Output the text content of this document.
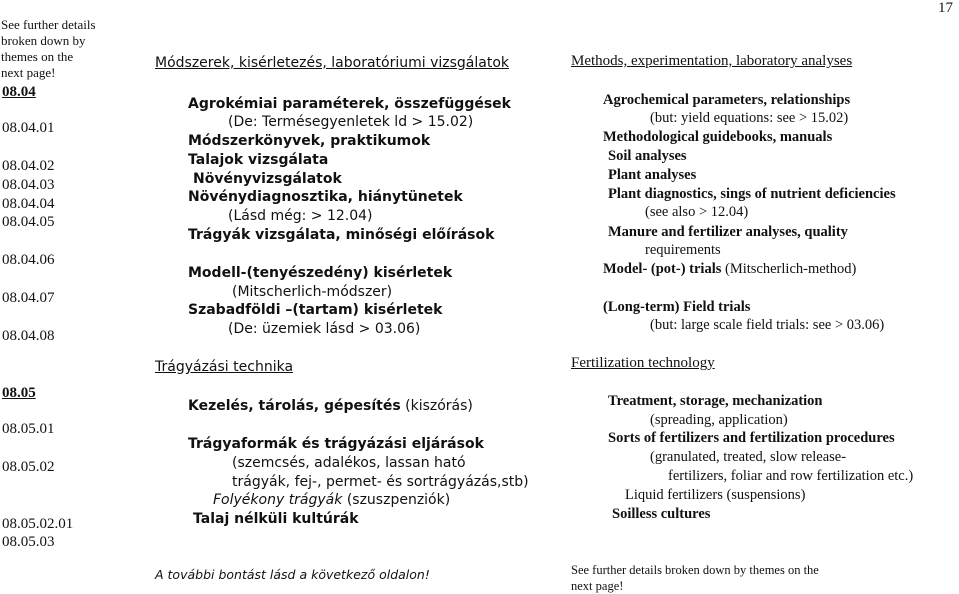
17
See further details
broken down by
themes on the
next page!
08.04
08.04.01
08.04.02
08.04.03
08.04.04
08.04.05
08.04.06
08.04.07
08.04.08
08.05
08.05.01
08.05.02
08.05.02.01
08.05.03
Módszerek, kisérletezés, laboratóriumi vizsgálatok
Agrokémiai paraméterek, összefüggések
(De: Termésegyenletek ld > 15.02)
Módszerkönyvek, praktikumok
Talajok vizsgálata
Növényvizsgálatok
Növénydiagnosztika, hiánytünetek
(Lásd még: > 12.04)
Trágyák vizsgálata, minőségi előírások
Modell-(tenyészedény) kisérletek
(Mitscherlich-módszer)
Szabadföldi –(tartam) kisérletek
(De: üzemiek lásd > 03.06)
Trágyázási technika
Kezelés, tárolás, gépesítés (kiszórás)
Trágyaformák és trágyázási eljárások
(szemcsés, adalékos, lassan ható
trágyák, fej-, permet- és sortrágyázás,stb)
Folyékony trágyák (szuszpenziók)
Talaj nélküli kultúrák
A további bontást lásd a következő oldalon!
Methods, experimentation, laboratory analyses
Agrochemical parameters, relationships
(but: yield equations: see > 15.02)
Methodological guidebooks, manuals
Soil analyses
Plant analyses
Plant diagnostics, sings of nutrient deficiencies
(see also > 12.04)
Manure and fertilizer analyses, quality
requirements
Model- (pot-) trials (Mitscherlich-method)
(Long-term) Field trials
(but: large scale field trials: see > 03.06)
Fertilization technology
Treatment, storage, mechanization
(spreading, application)
Sorts of fertilizers and fertilization procedures
(granulated, treated, slow release-
fertilizers, foliar and row fertilization etc.)
Liquid fertilizers (suspensions)
Soilless cultures
See further details broken down by themes on the
next page!
